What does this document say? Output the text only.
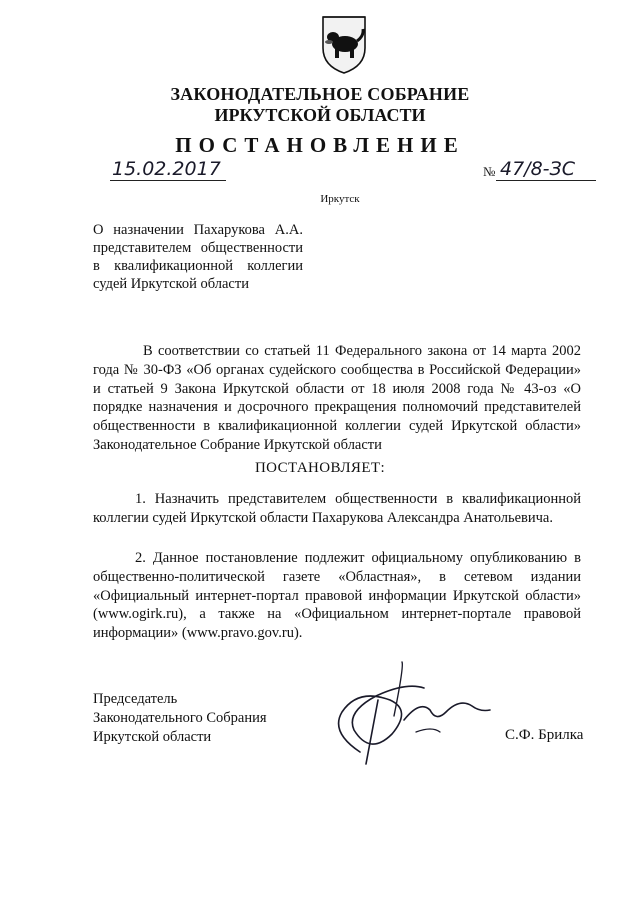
ЗАКОНОДАТЕЛЬНОЕ СОБРАНИЕ
ИРКУТСКОЙ ОБЛАСТИ
ПОСТАНОВЛЕНИЕ
15.02.2017	№ 47/8-ЗС
Иркутск
О назначении Пахарукова А.А. представителем общественности в квалификационной коллегии судей Иркутской области
В соответствии со статьей 11 Федерального закона от 14 марта 2002 года № 30-ФЗ «Об органах судейского сообщества в Российской Федерации» и статьей 9 Закона Иркутской области от 18 июля 2008 года № 43-оз «О порядке назначения и досрочного прекращения полномочий представителей общественности в квалификационной коллегии судей Иркутской области» Законодательное Собрание Иркутской области
ПОСТАНОВЛЯЕТ:
1. Назначить представителем общественности в квалификационной коллегии судей Иркутской области Пахарукова Александра Анатольевича.
2. Данное постановление подлежит официальному опубликованию в общественно-политической газете «Областная», в сетевом издании «Официальный интернет-портал правовой информации Иркутской области» (www.ogirk.ru), а также на «Официальном интернет-портале правовой информации» (www.pravo.gov.ru).
Председатель
Законодательного Собрания
Иркутской области	С.Ф. Брилка
